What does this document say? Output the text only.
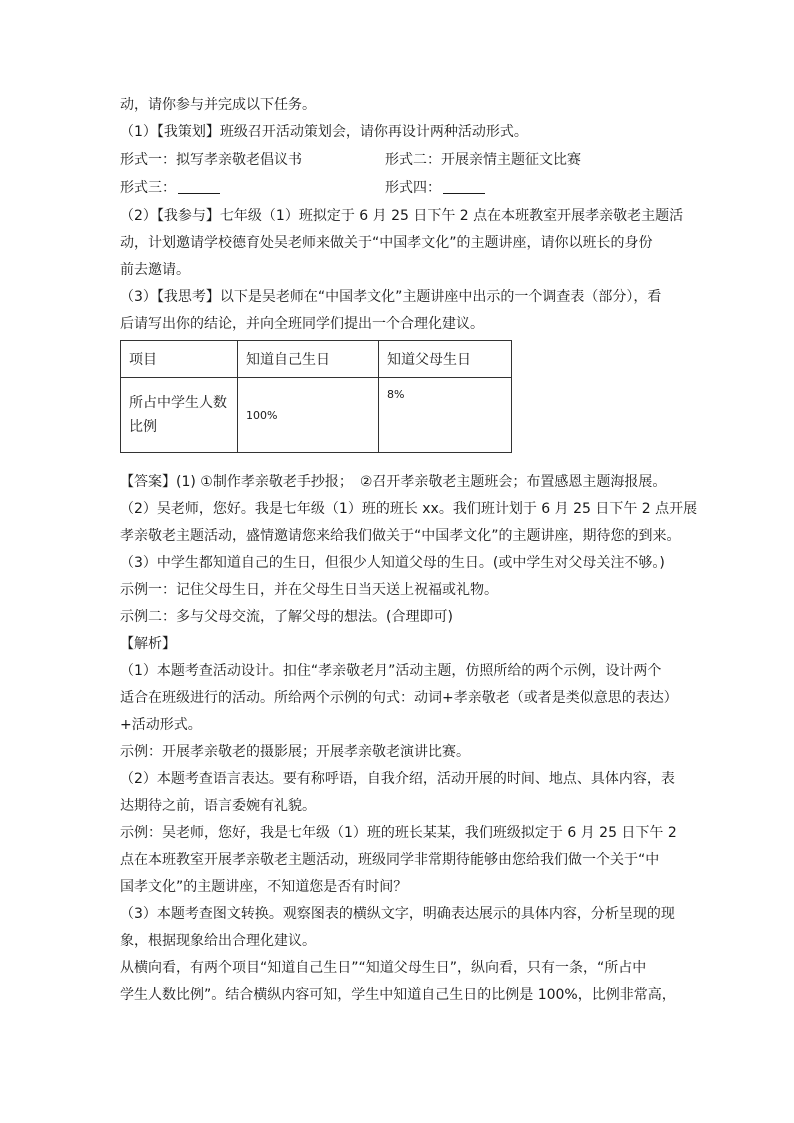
动，请你参与并完成以下任务。
（1）【我策划】班级召开活动策划会，请你再设计两种活动形式。
形式一：拟写孝亲敬老倡议书	形式二：开展亲情主题征文比赛
形式三：	形式四：
（2）【我参与】七年级（1）班拟定于 6 月 25 日下午 2 点在本班教室开展孝亲敬老主题活
动，计划邀请学校德育处吴老师来做关于“中国孝文化”的主题讲座，请你以班长的身份
前去邀请。
（3）【我思考】以下是吴老师在“中国孝文化”主题讲座中出示的一个调查表（部分），看
后请写出你的结论，并向全班同学们提出一个合理化建议。
项目	知道自己生日	知道父母生日

所占中学生人数
比例	100%	8%
【答案】(1) ①制作孝亲敬老手抄报；　②召开孝亲敬老主题班会；布置感恩主题海报展。
（2）吴老师，您好。我是七年级（1）班的班长 xx。我们班计划于 6 月 25 日下午 2 点开展
孝亲敬老主题活动，盛情邀请您来给我们做关于“中国孝文化”的主题讲座，期待您的到来。
（3）中学生都知道自己的生日，但很少人知道父母的生日。(或中学生对父母关注不够。)
示例一：记住父母生日，并在父母生日当天送上祝福或礼物。
示例二：多与父母交流，了解父母的想法。(合理即可)
【解析】
（1）本题考查活动设计。扣住“孝亲敬老月”活动主题，仿照所给的两个示例，设计两个
适合在班级进行的活动。所给两个示例的句式：动词+孝亲敬老（或者是类似意思的表达）
+活动形式。
示例：开展孝亲敬老的摄影展；开展孝亲敬老演讲比赛。
（2）本题考查语言表达。要有称呼语，自我介绍，活动开展的时间、地点、具体内容，表
达期待之前，语言委婉有礼貌。
示例：吴老师，您好，我是七年级（1）班的班长某某，我们班级拟定于 6 月 25 日下午 2
点在本班教室开展孝亲敬老主题活动，班级同学非常期待能够由您给我们做一个关于“中
国孝文化”的主题讲座，不知道您是否有时间？
（3）本题考查图文转换。观察图表的横纵文字，明确表达展示的具体内容，分析呈现的现
象，根据现象给出合理化建议。
从横向看，有两个项目“知道自己生日”“知道父母生日”，纵向看，只有一条，“所占中
学生人数比例”。结合横纵内容可知，学生中知道自己生日的比例是 100%，比例非常高，
